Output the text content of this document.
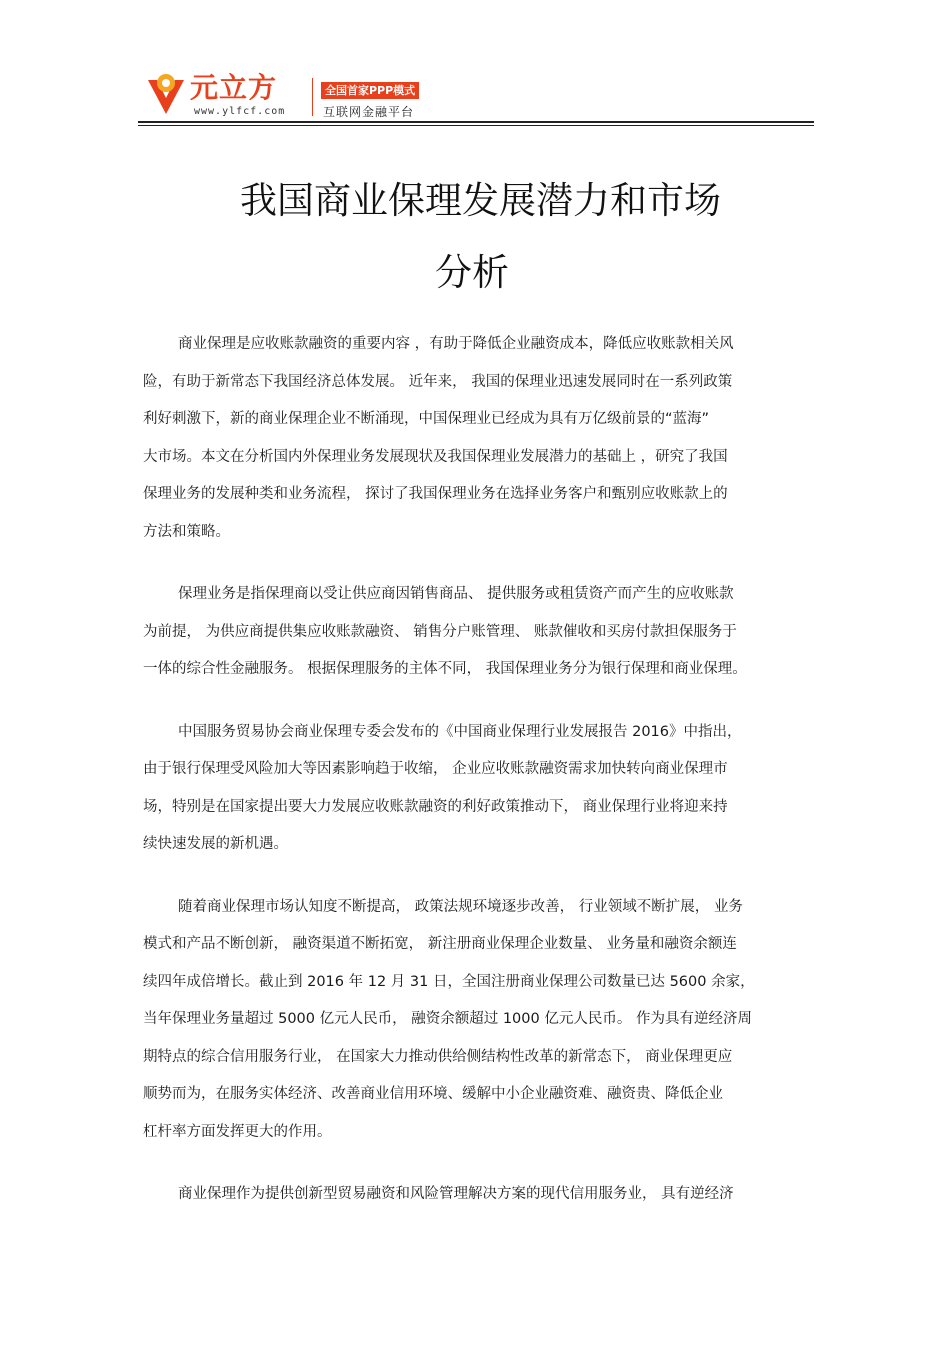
元立方
www.ylfcf.com
全国首家PPP模式
互联网金融平台
我国商业保理发展潜力和市场
分析

商业保理是应收账款融资的重要内容 ，有助于降低企业融资成本，降低应收账款相关风
险，有助于新常态下我国经济总体发展。 近年来， 我国的保理业迅速发展同时在一系列政策
利好刺激下，新的商业保理企业不断涌现，中国保理业已经成为具有万亿级前景的“蓝海”
大市场。本文在分析国内外保理业务发展现状及我国保理业发展潜力的基础上 ，研究了我国
保理业务的发展种类和业务流程， 探讨了我国保理业务在选择业务客户和甄别应收账款上的
方法和策略。

保理业务是指保理商以受让供应商因销售商品、 提供服务或租赁资产而产生的应收账款
为前提， 为供应商提供集应收账款融资、 销售分户账管理、 账款催收和买房付款担保服务于
一体的综合性金融服务。 根据保理服务的主体不同， 我国保理业务分为银行保理和商业保理。

中国服务贸易协会商业保理专委会发布的《中国商业保理行业发展报告 2016》中指出，
由于银行保理受风险加大等因素影响趋于收缩， 企业应收账款融资需求加快转向商业保理市
场，特别是在国家提出要大力发展应收账款融资的利好政策推动下， 商业保理行业将迎来持
续快速发展的新机遇。

随着商业保理市场认知度不断提高， 政策法规环境逐步改善， 行业领域不断扩展， 业务
模式和产品不断创新， 融资渠道不断拓宽， 新注册商业保理企业数量、 业务量和融资余额连
续四年成倍增长。截止到 2016 年 12 月 31 日，全国注册商业保理公司数量已达 5600 余家，
当年保理业务量超过 5000 亿元人民币， 融资余额超过 1000 亿元人民币。 作为具有逆经济周
期特点的综合信用服务行业， 在国家大力推动供给侧结构性改革的新常态下， 商业保理更应
顺势而为，在服务实体经济、改善商业信用环境、缓解中小企业融资难、融资贵、降低企业
杠杆率方面发挥更大的作用。

商业保理作为提供创新型贸易融资和风险管理解决方案的现代信用服务业， 具有逆经济
